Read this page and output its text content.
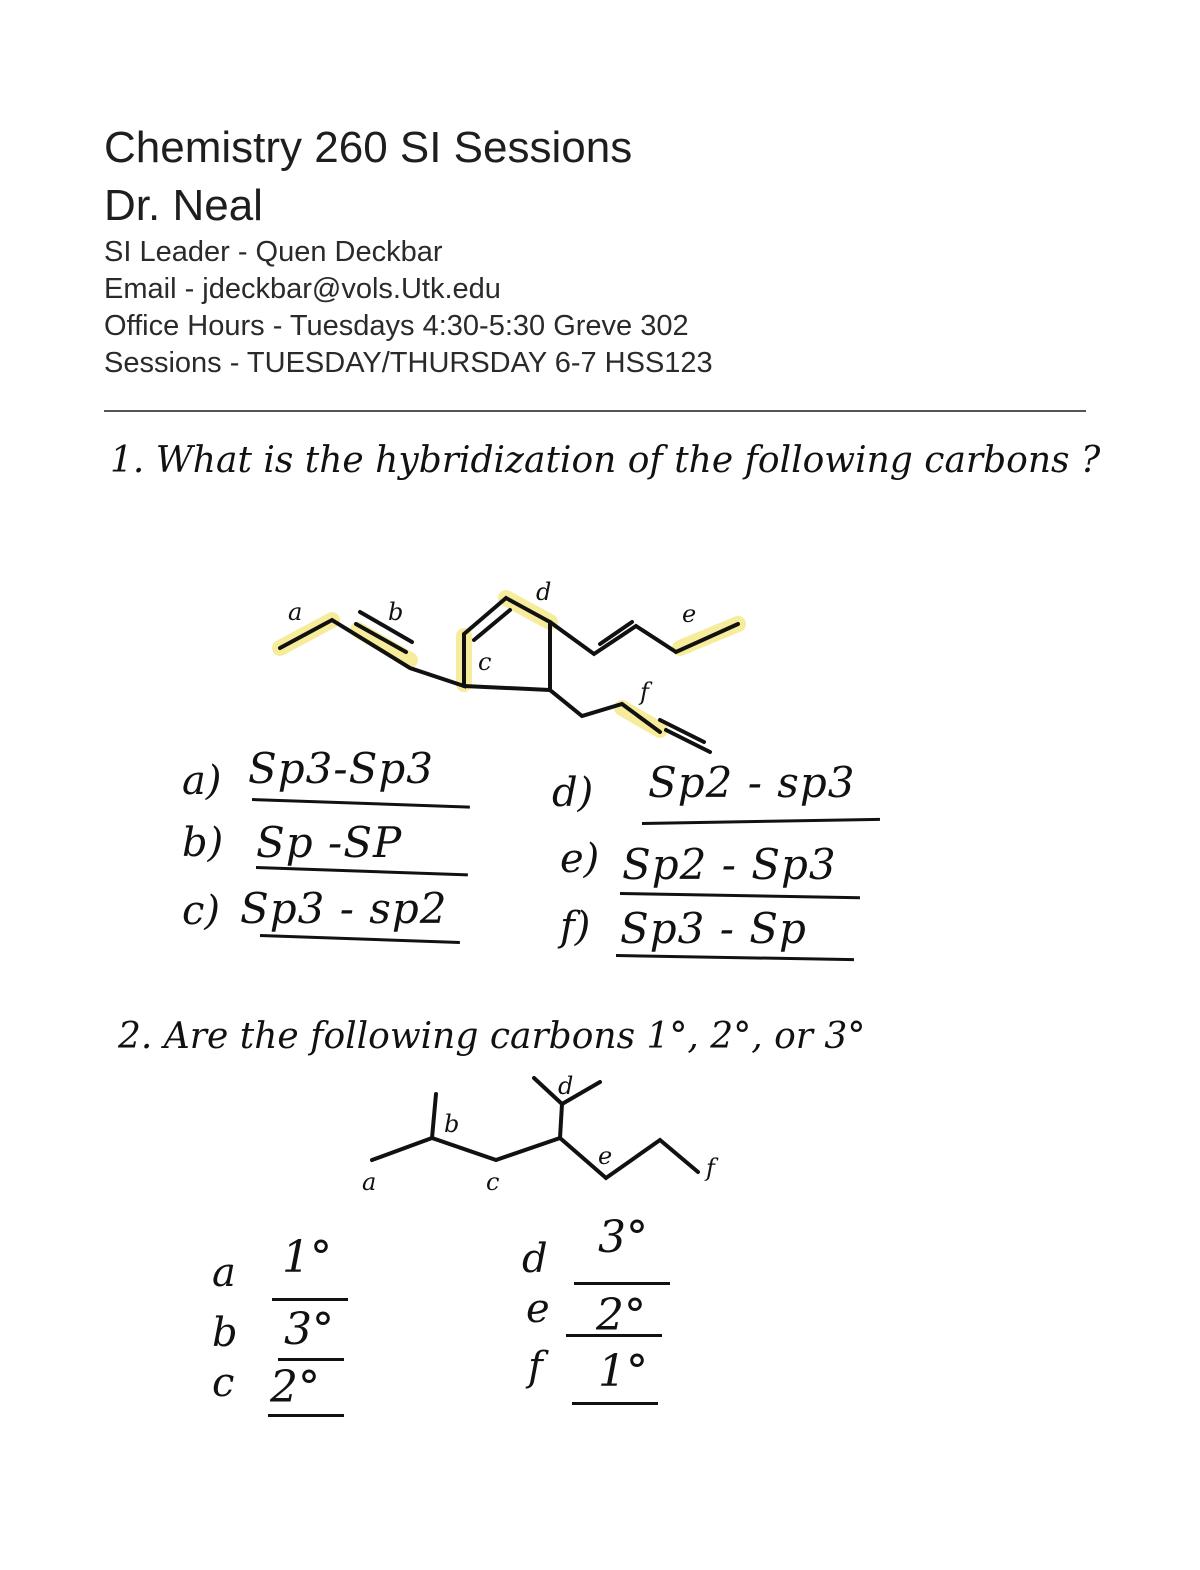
Chemistry 260 SI Sessions
Dr. Neal
SI Leader - Quen Deckbar
Email - jdeckbar@vols.Utk.edu
Office Hours - Tuesdays 4:30-5:30 Greve 302
Sessions - TUESDAY/THURSDAY 6-7 HSS123
1. What is the hybridization of the following carbons ?
a	b
c
d
e
f
a
b
c
d
e	f
a) Sp3-Sp3
b) Sp -SP
c) Sp3 - sp2
d) Sp2 - sp3
e) Sp2 - Sp3
f) Sp3 - Sp
2. Are the following carbons 1°, 2°, or 3°
a 1°
b 3°
c 2°
d 3°
e 2°
f 1°
